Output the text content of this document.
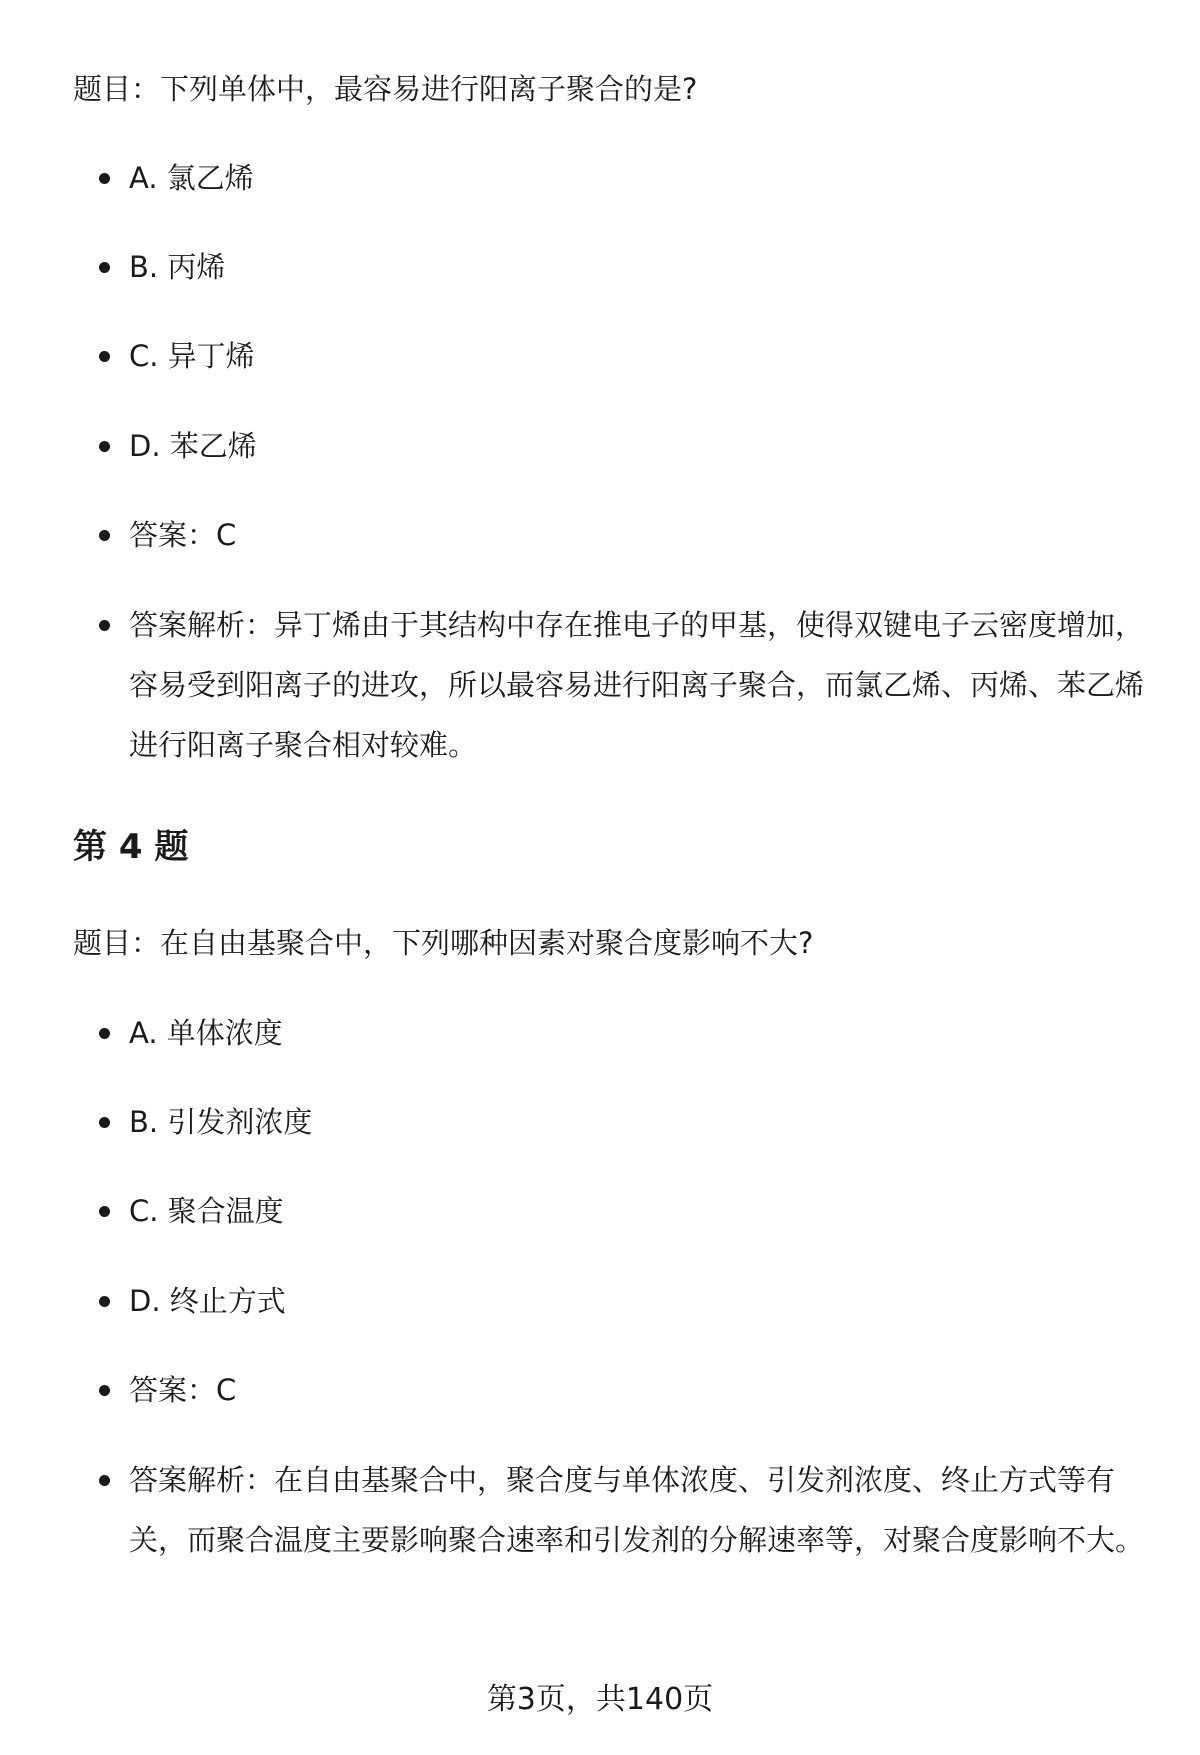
题目：下列单体中，最容易进行阳离子聚合的是?
A. 氯乙烯
B. 丙烯
C. 异丁烯
D. 苯乙烯
答案：C
答案解析：异丁烯由于其结构中存在推电子的甲基，使得双键电子云密度增加，容易受到阳离子的进攻，所以最容易进行阳离子聚合，而氯乙烯、丙烯、苯乙烯进行阳离子聚合相对较难。
第 4 题
题目：在自由基聚合中，下列哪种因素对聚合度影响不大?
A. 单体浓度
B. 引发剂浓度
C. 聚合温度
D. 终止方式
答案：C
答案解析：在自由基聚合中，聚合度与单体浓度、引发剂浓度、终止方式等有关，而聚合温度主要影响聚合速率和引发剂的分解速率等，对聚合度影响不大。
第3页，共140页
